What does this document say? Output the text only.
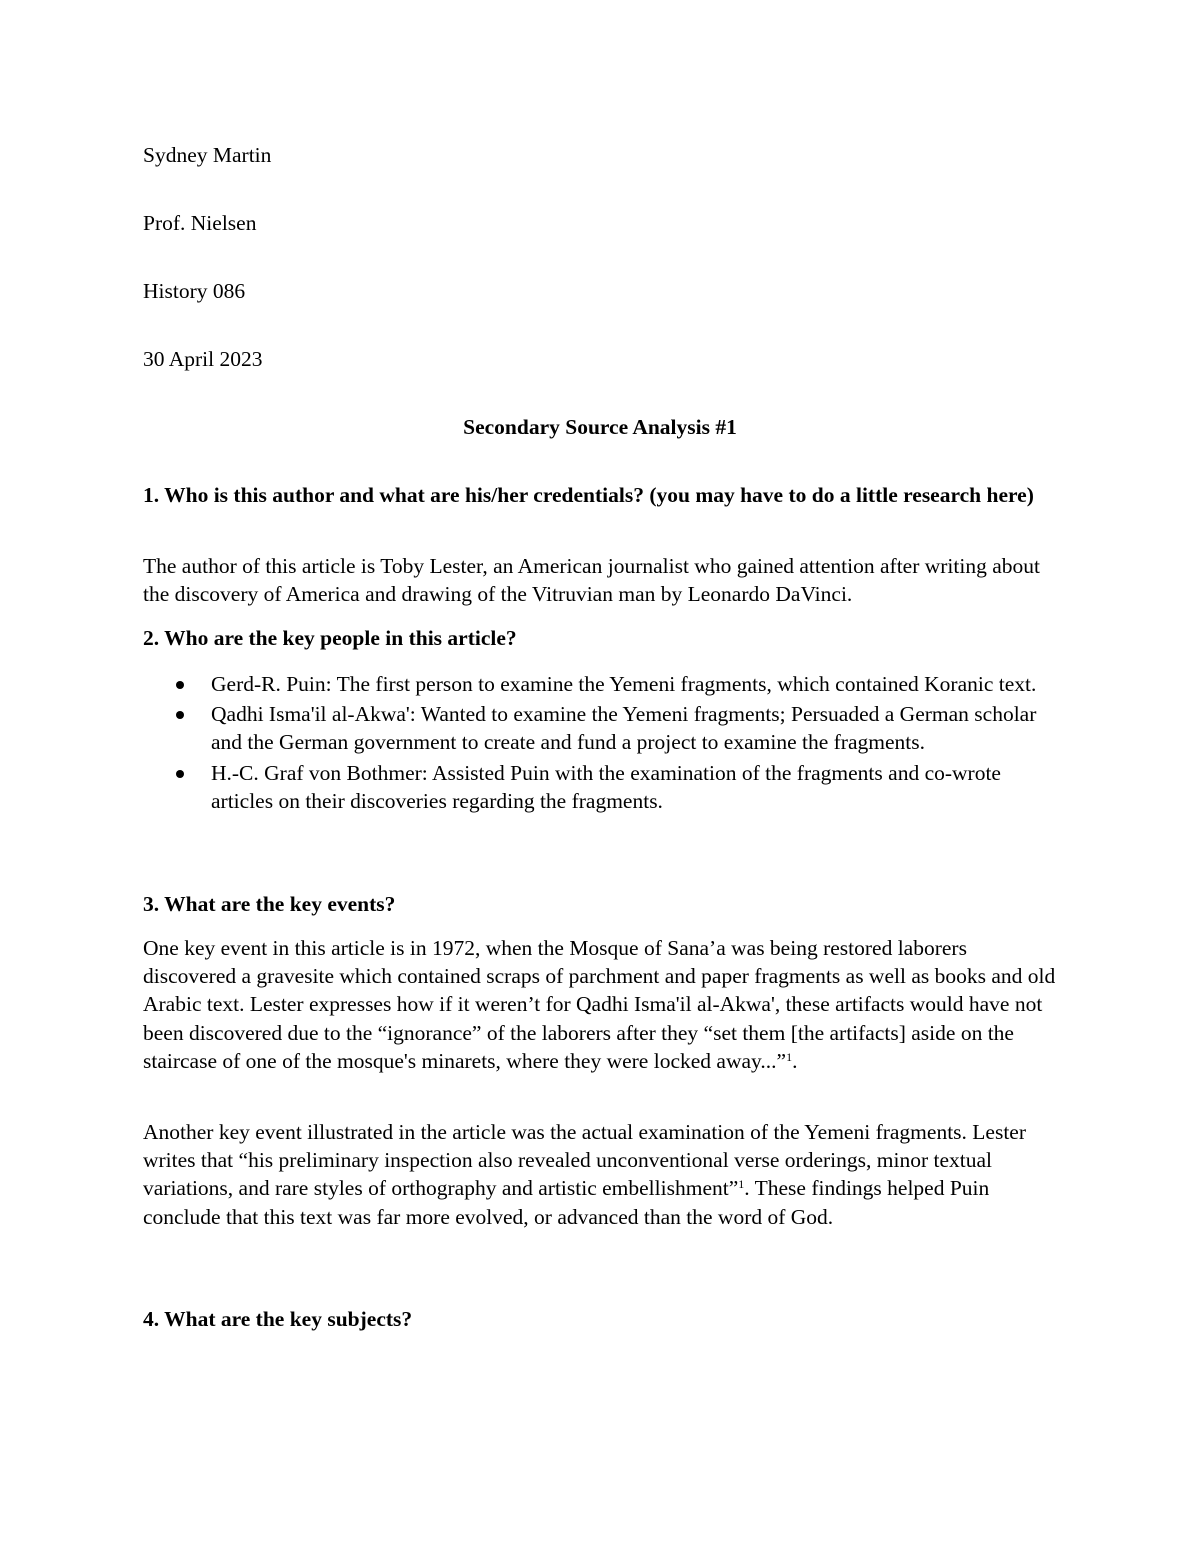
Sydney Martin
Prof. Nielsen
History 086
30 April 2023
Secondary Source Analysis #1
1. Who is this author and what are his/her credentials? (you may have to do a little research here)
The author of this article is Toby Lester, an American journalist who gained attention after writing about the discovery of America and drawing of the Vitruvian man by Leonardo DaVinci.
2. Who are the key people in this article?
Gerd-R. Puin: The first person to examine the Yemeni fragments, which contained Koranic text.
Qadhi Isma'il al-Akwa': Wanted to examine the Yemeni fragments; Persuaded a German scholar and the German government to create and fund a project to examine the fragments.
H.-C. Graf von Bothmer: Assisted Puin with the examination of the fragments and co-wrote articles on their discoveries regarding the fragments.
3. What are the key events?
One key event in this article is in 1972, when the Mosque of Sana’a was being restored laborers discovered a gravesite which contained scraps of parchment and paper fragments as well as books and old Arabic text. Lester expresses how if it weren’t for Qadhi Isma'il al-Akwa', these artifacts would have not been discovered due to the “ignorance” of the laborers after they “set them [the artifacts] aside on the staircase of one of the mosque's minarets, where they were locked away...”$^1$.
Another key event illustrated in the article was the actual examination of the Yemeni fragments. Lester writes that “his preliminary inspection also revealed unconventional verse orderings, minor textual variations, and rare styles of orthography and artistic embellishment”$^1$. These findings helped Puin conclude that this text was far more evolved, or advanced than the word of God.
4. What are the key subjects?
